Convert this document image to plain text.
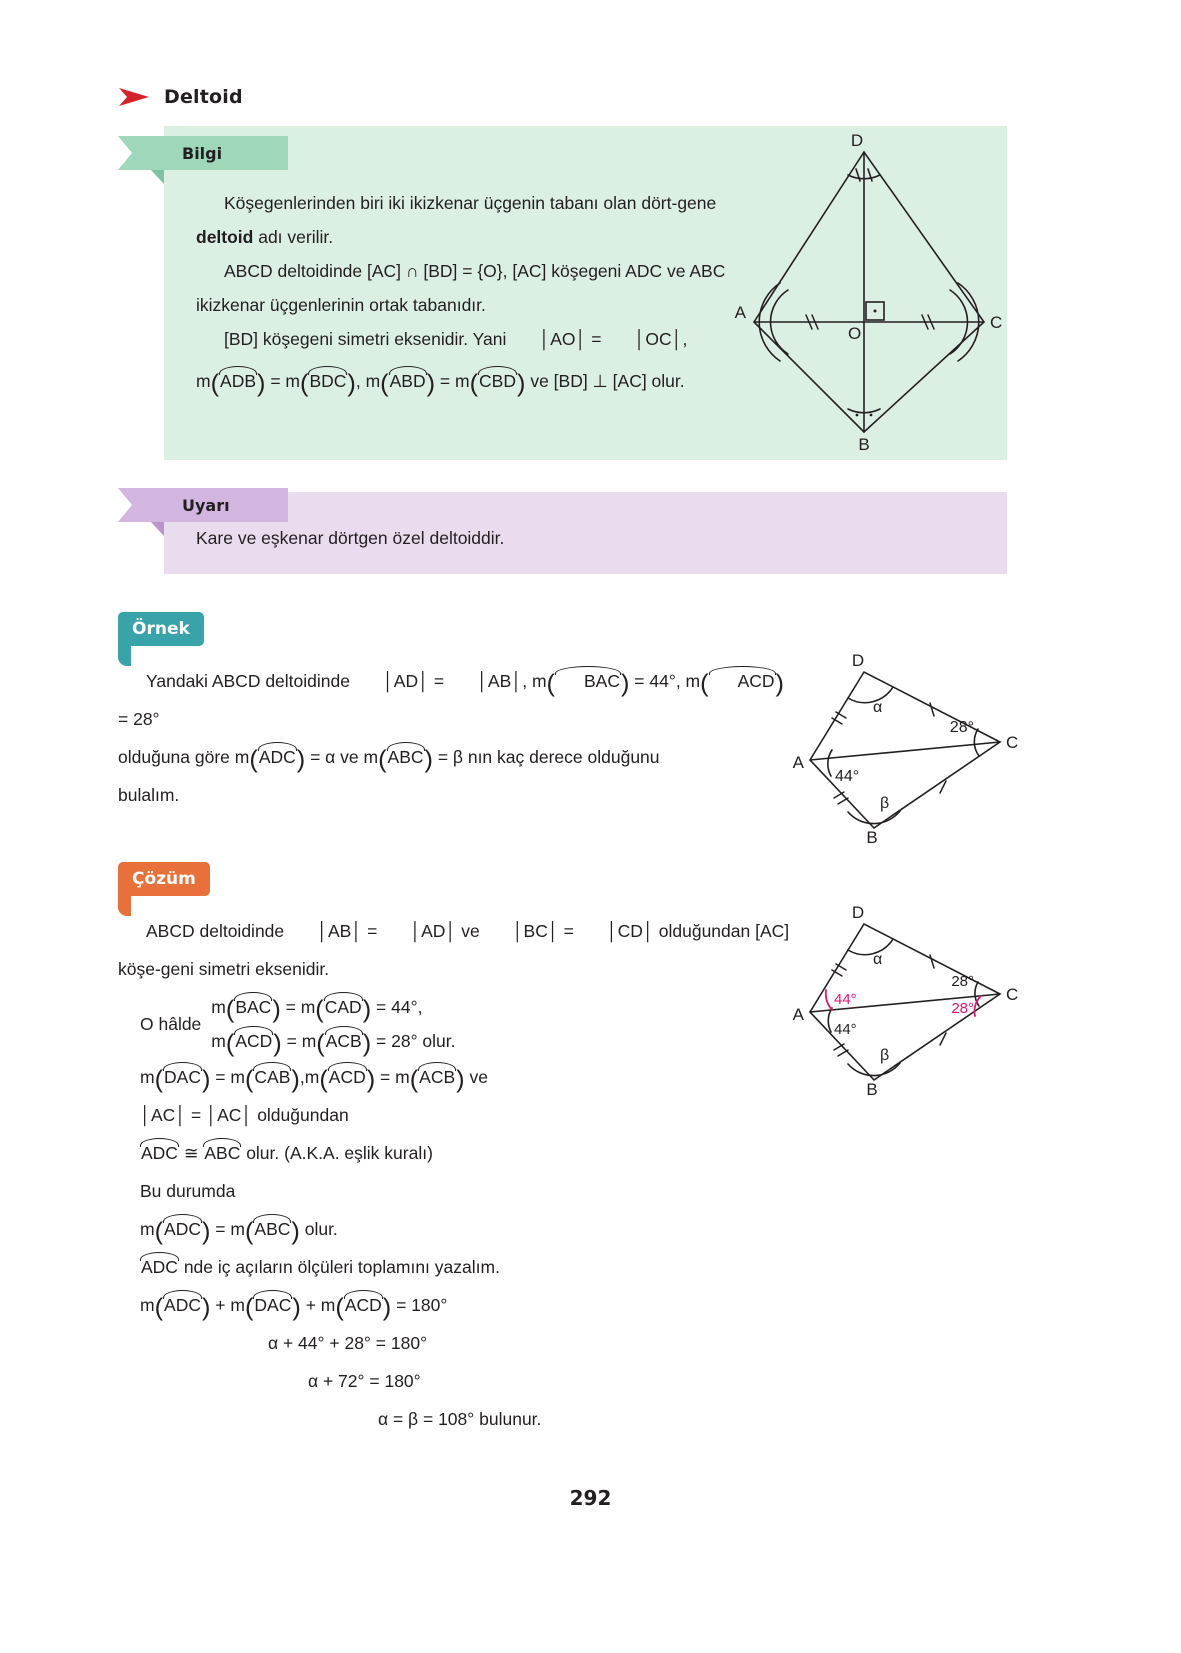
Deltoid
Bilgi

Köşegenlerinden biri iki ikizkenar üçgenin tabanı olan dört-gene deltoid adı verilir.

ABCD deltoidinde [AC] ∩ [BD] = {O}, [AC] köşegeni ADC ve ABC ikizkenar üçgenlerinin ortak tabanıdır.

[BD] köşegeni simetri eksenidir. Yani │ AO │ = │ OC │ ,

m(ADB) = m(BDC), m(ABD) = m(CBD) ve [BD] ⊥ [AC] olur.

A
D
C
B
O
Uyarı
Kare ve eşkenar dörtgen özel deltoiddir.
Örnek

Yandaki ABCD deltoidinde │ AD │ = │ AB │ , m( BAC) = 44°, m( ACD) = 28°

olduğuna göre m(ADC) = α ve m(ABC) = β nın kaç derece olduğunu

bulalım.

D
A
C
B
α
44°
28°
β
Çözüm

ABCD deltoidinde │ AB │ = │ AD │ ve │ BC │ = │ CD │ olduğundan [AC] köşe-geni simetri eksenidir.

O hâlde
m(BAC) = m(CAD) = 44°,
m(ACD) = m(ACB) = 28° olur.

m(DAC) = m(CAB),m(ACD) = m(ACB) ve

│ AC │ = │ AC │ olduğundan

ADC ≅ ABC olur. (A.K.A. eşlik kuralı)

Bu durumda

m(ADC) = m(ABC) olur.

ADC nde iç açıların ölçüleri toplamını yazalım.

m(ADC) + m(DAC) + m(ACD) = 180°

α + 44° + 28° = 180°

α + 72° = 180°

α = β = 108° bulunur.

D
A
C
B
α
β
44°
44°
28°
28°
292
